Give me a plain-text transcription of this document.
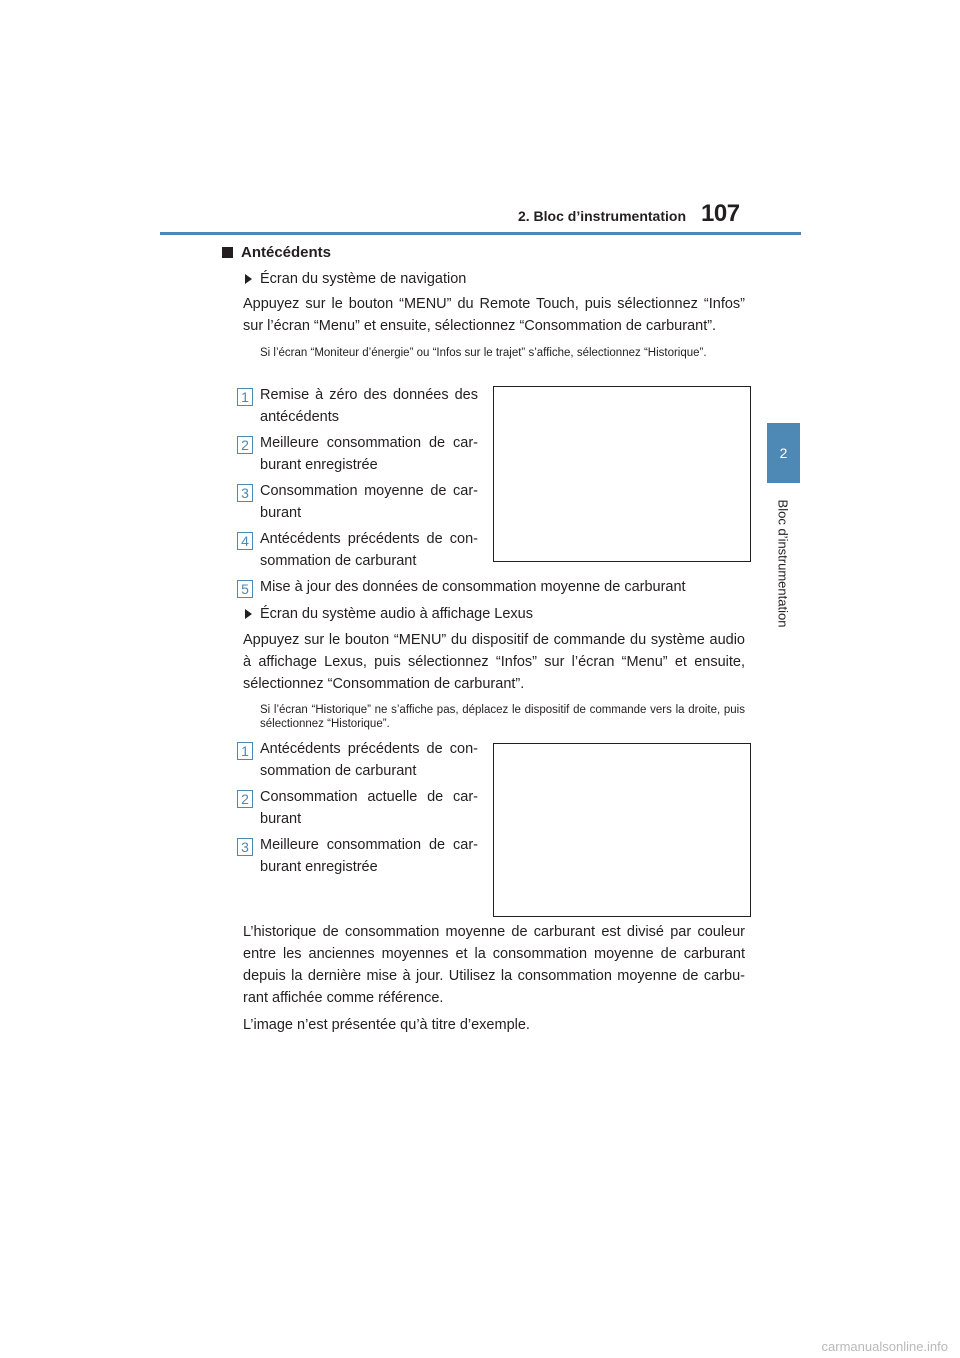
2. Bloc d’instrumentation 107
2
Bloc d’instrumentation
Antécédents
Écran du système de navigation
Appuyez sur le bouton “MENU” du Remote Touch, puis sélectionnez “Infos” sur l’écran “Menu” et ensuite, sélectionnez “Consommation de carburant”.
Si l’écran “Moniteur d’énergie” ou “Infos sur le trajet” s’affiche, sélectionnez “Historique”.
1 Remise à zéro des données des antécédents
2 Meilleure consommation de car-burant enregistrée
3 Consommation moyenne de car-burant
4 Antécédents précédents de con-sommation de carburant
5 Mise à jour des données de consommation moyenne de carburant
Écran du système audio à affichage Lexus
Appuyez sur le bouton “MENU” du dispositif de commande du système audio à affichage Lexus, puis sélectionnez “Infos” sur l’écran “Menu” et ensuite, sélectionnez “Consommation de carburant”.
Si l’écran “Historique” ne s’affiche pas, déplacez le dispositif de commande vers la droite, puis sélectionnez “Historique”.
1 Antécédents précédents de con-sommation de carburant
2 Consommation actuelle de car-burant
3 Meilleure consommation de car-burant enregistrée
L’historique de consommation moyenne de carburant est divisé par couleur entre les anciennes moyennes et la consommation moyenne de carburant depuis la dernière mise à jour. Utilisez la consommation moyenne de carbu-rant affichée comme référence.
L’image n’est présentée qu’à titre d’exemple.
carmanualsonline.info
